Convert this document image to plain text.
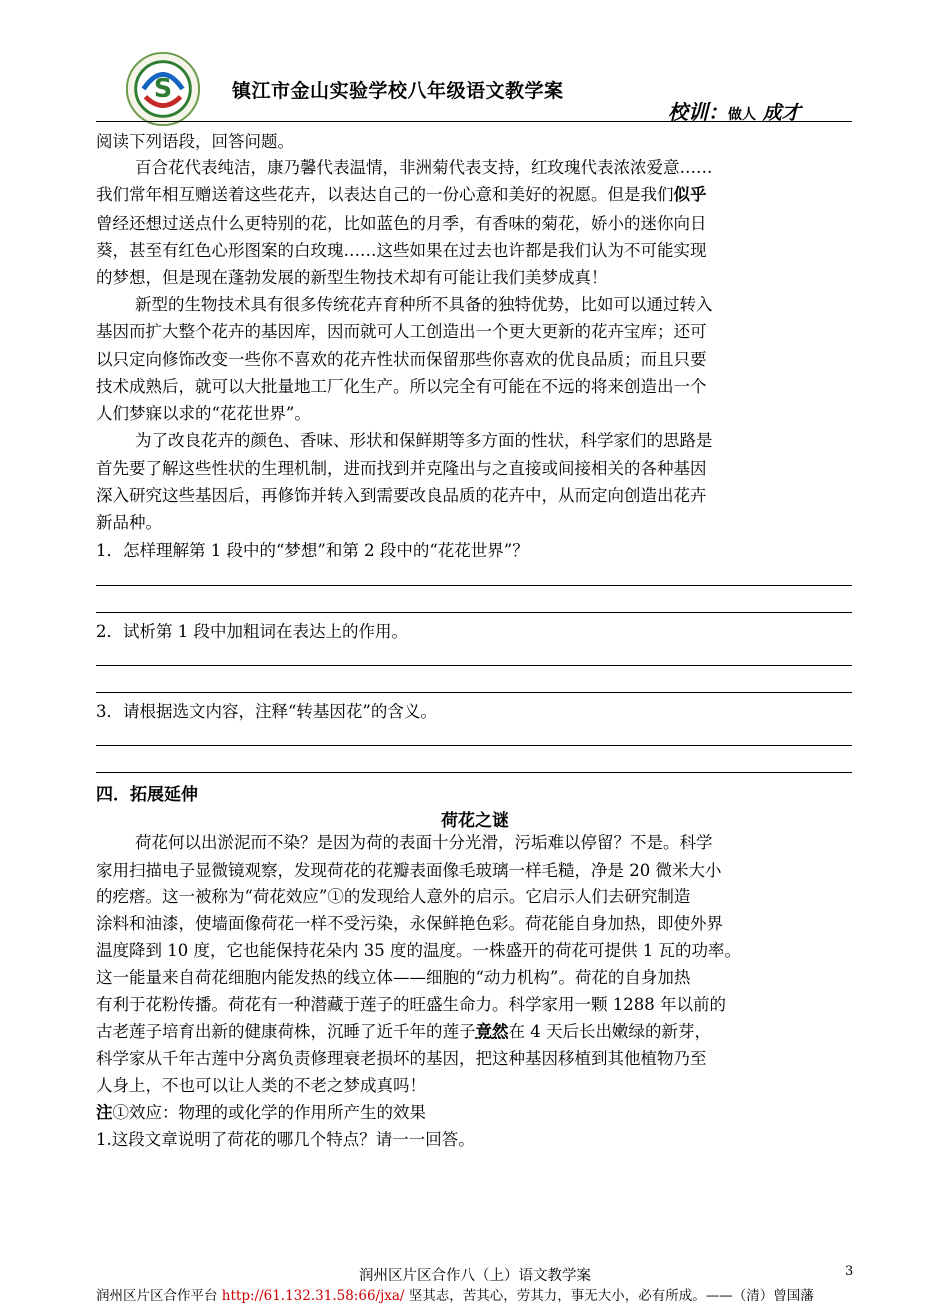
S	镇江市金山实验学校八年级语文教学案
校训：做人 成才
阅读下列语段，回答问题。
百合花代表纯洁，康乃馨代表温情，非洲菊代表支持，红玫瑰代表浓浓爱意……
我们常年相互赠送着这些花卉，以表达自己的一份心意和美好的祝愿。但是我们似乎
曾经还想过送点什么更特别的花，比如蓝色的月季，有香味的菊花，娇小的迷你向日
葵，甚至有红色心形图案的白玫瑰……这些如果在过去也许都是我们认为不可能实现
的梦想，但是现在蓬勃发展的新型生物技术却有可能让我们美梦成真！
新型的生物技术具有很多传统花卉育种所不具备的独特优势，比如可以通过转入
基因而扩大整个花卉的基因库，因而就可人工创造出一个更大更新的花卉宝库；还可
以只定向修饰改变一些你不喜欢的花卉性状而保留那些你喜欢的优良品质；而且只要
技术成熟后，就可以大批量地工厂化生产。所以完全有可能在不远的将来创造出一个
人们梦寐以求的“花花世界”。
为了改良花卉的颜色、香味、形状和保鲜期等多方面的性状，科学家们的思路是
首先要了解这些性状的生理机制，进而找到并克隆出与之直接或间接相关的各种基因
深入研究这些基因后，再修饰并转入到需要改良品质的花卉中，从而定向创造出花卉
新品种。
1．怎样理解第 1 段中的“梦想”和第 2 段中的“花花世界”？
2．试析第 1 段中加粗词在表达上的作用。
3．请根据选文内容，注释“转基因花”的含义。
四．拓展延伸
荷花之谜
荷花何以出淤泥而不染？是因为荷的表面十分光滑，污垢难以停留？不是。科学
家用扫描电子显微镜观察，发现荷花的花瓣表面像毛玻璃一样毛糙，净是 20 微米大小
的疙瘩。这一被称为“荷花效应”①的发现给人意外的启示。它启示人们去研究制造
涂料和油漆，使墙面像荷花一样不受污染，永保鲜艳色彩。荷花能自身加热，即使外界
温度降到 10 度，它也能保持花朵内 35 度的温度。一株盛开的荷花可提供 1 瓦的功率。
这一能量来自荷花细胞内能发热的线立体——细胞的“动力机构”。荷花的自身加热
有利于花粉传播。荷花有一种潜藏于莲子的旺盛生命力。科学家用一颗 1288 年以前的
古老莲子培育出新的健康荷株，沉睡了近千年的莲子竟然在 4 天后长出嫩绿的新芽，
科学家从千年古莲中分离负责修理衰老损坏的基因，把这种基因移植到其他植物乃至
人身上，不也可以让人类的不老之梦成真吗！
注①效应：物理的或化学的作用所产生的效果
1.这段文章说明了荷花的哪几个特点？请一一回答。
润州区片区合作八（上）语文教学案	3
润州区片区合作平台 http://61.132.31.58:66/jxa/ 坚其志，苦其心，劳其力，事无大小，必有所成。——（清）曾国藩
